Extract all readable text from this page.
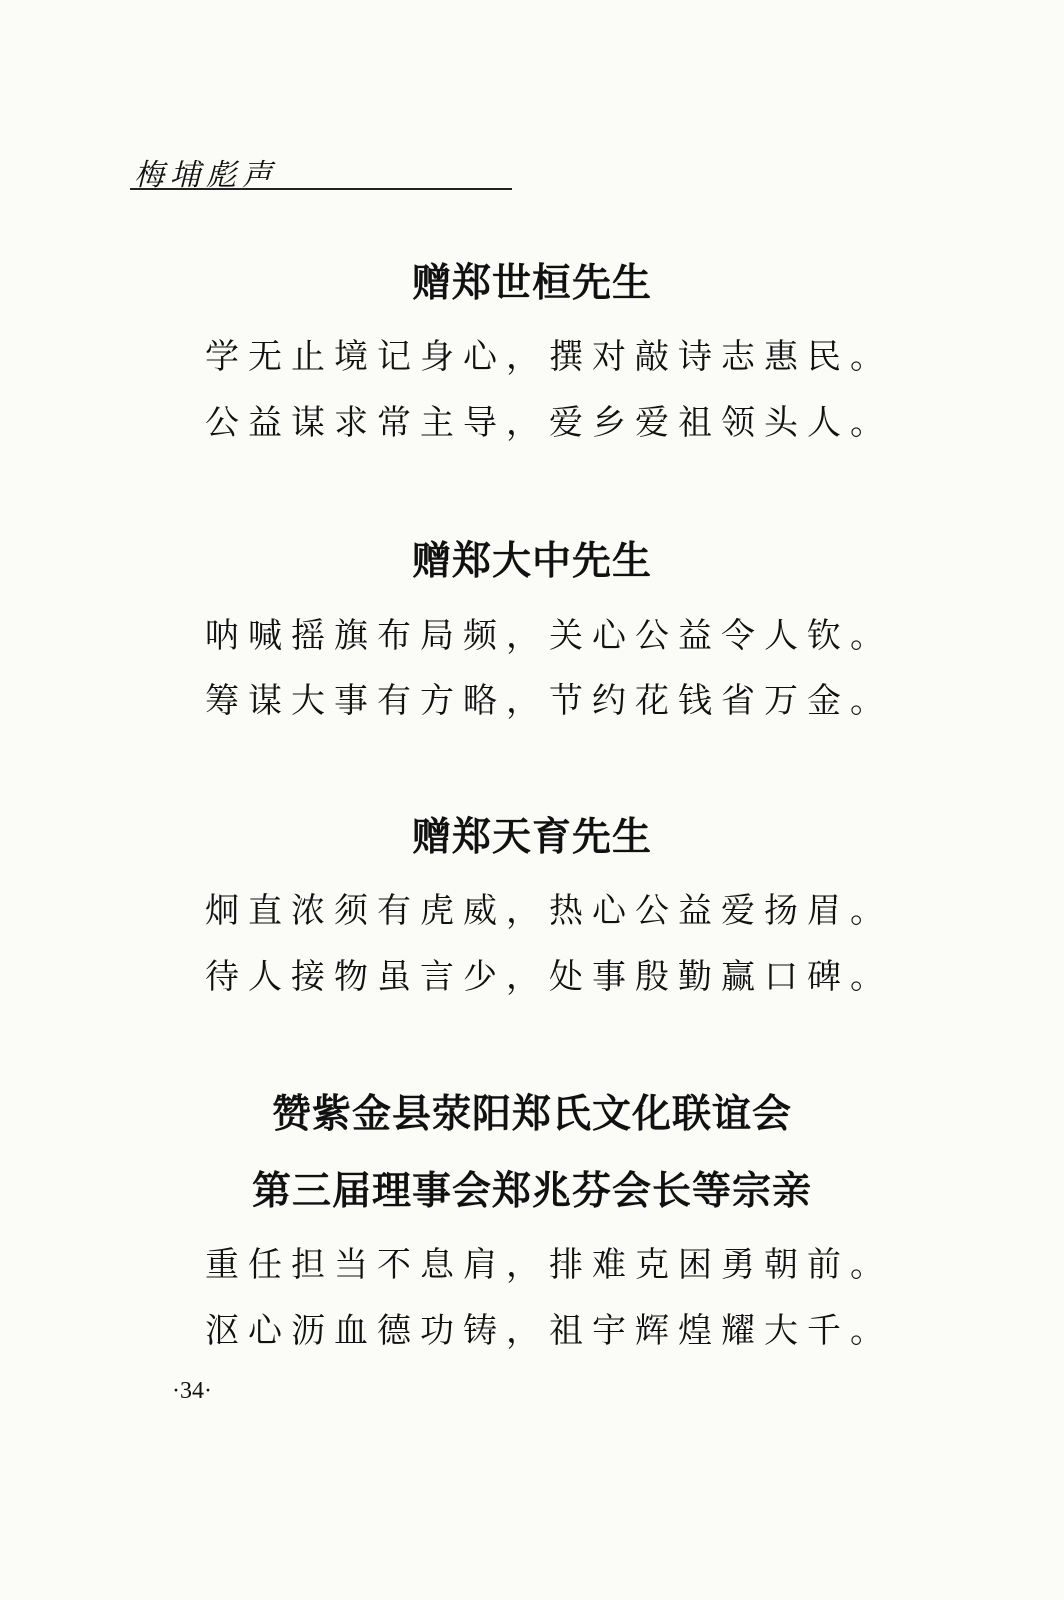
梅埔彪声
赠郑世桓先生
学无止境记身心，撰对敲诗志惠民。
公益谋求常主导，爱乡爱祖领头人。
赠郑大中先生
呐喊摇旗布局频，关心公益令人钦。
筹谋大事有方略，节约花钱省万金。
赠郑天育先生
炯直浓须有虎威，热心公益爱扬眉。
待人接物虽言少，处事殷勤赢口碑。
赞紫金县荥阳郑氏文化联谊会
第三届理事会郑兆芬会长等宗亲
重任担当不息肩，排难克困勇朝前。
沤心沥血德功铸，祖宇辉煌耀大千。
·34·
